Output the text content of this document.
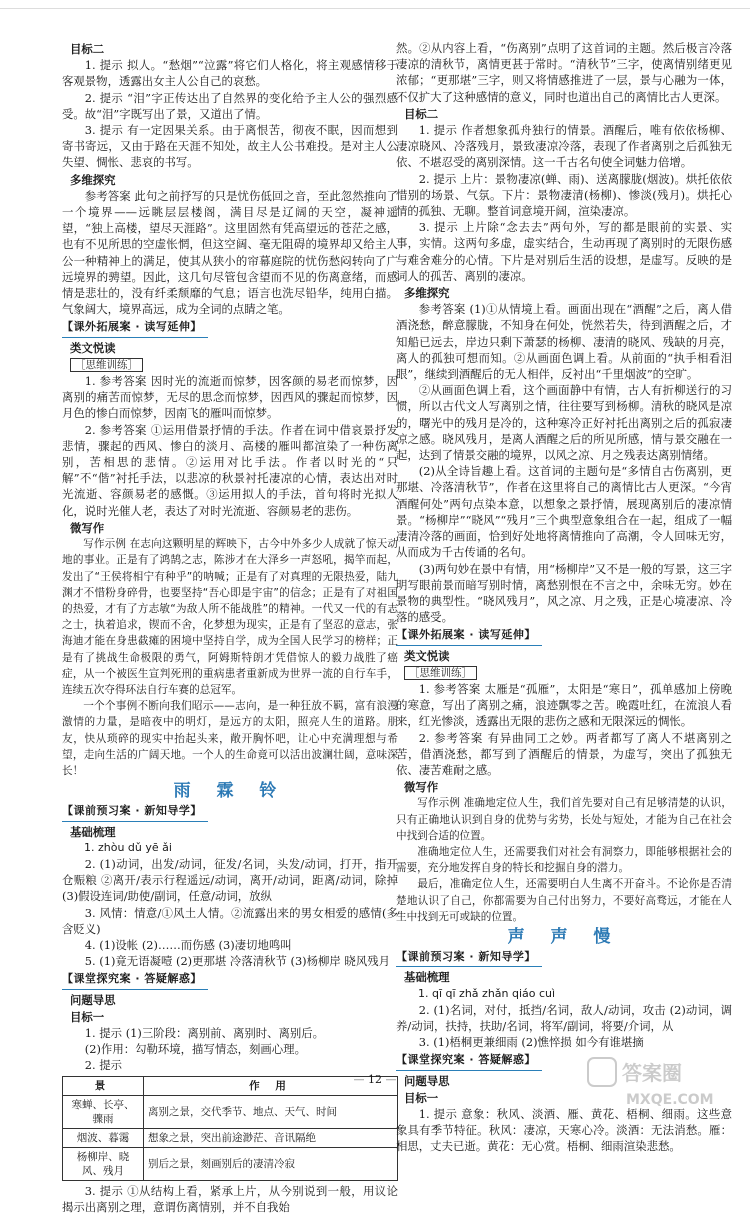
目标二

1. 提示 拟人。“愁烟”“泣露”将它们人格化，将主观感情移于客观景物，透露出女主人公自己的哀愁。

2. 提示 “泪”字正传达出了自然界的变化给予主人公的强烈感受。故“泪”字既写出了景，又道出了情。

3. 提示 有一定因果关系。由于离恨苦，彻夜不眠，因而想到寄书寄远，又由于路在天涯不知处，故主人公书难投。是对主人公失望、惆怅、悲哀的书写。

多维探究

参考答案 此句之前抒写的只是忧伤低回之音，至此忽然推向了一个境界——远眺层层楼阁，满目尽是辽阔的天空，凝神遥望，“独上高楼，望尽天涯路”。这里固然有凭高望远的苍茫之感，也有不见所思的空虚怅惘，但这空阔、毫无阻碍的境界却又给主人公一种精神上的满足，使其从狭小的帘幕庭院的忧伤愁闷转向了广远境界的骋望。因此，这几句尽管包含望而不见的伤离意绪，而感情是悲壮的，没有纤柔颓靡的气息；语言也洗尽铅华，纯用白描。气象阔大，境界高远，成为全词的点睛之笔。

【课外拓展案 · 读写延伸】

类文悦读

［思维训练］

1. 参考答案 因时光的流逝而惊梦，因客颜的易老而惊梦，因离别的痛苦而惊梦，无尽的思念而惊梦，因西风的骤起而惊梦，因月色的惨白而惊梦，因南飞的雁叫而惊梦。

2. 参考答案 ①运用借景抒情的手法。作者在词中借哀景抒发悲情，骤起的西风、惨白的淡月、高楼的雁叫都渲染了一种伤离别，苦相思的悲情。②运用对比手法。作者以时光的“只解”不“偕”衬托手法，以悲凉的秋景衬托凄凉的心情，表达出对时光流逝、容颜易老的感慨。③运用拟人的手法，首句将时光拟人化，说时光催人老，表达了对时光流逝、容颜易老的悲伤。

微写作

写作示例 在志向这颗明星的辉映下，古今中外多少人成就了惊天动地的事业。正是有了鸿鹄之志，陈涉才在大泽乡一声怒吼，揭竿而起，发出了“王侯将相宁有种乎”的呐喊；正是有了对真理的无限热爱，陆九渊才不惜粉身碎骨，也要坚持“吾心即是宇宙”的信念；正是有了对祖国的热爱，才有了方志敏“为敌人所不能战胜”的精神。一代又一代的有志之士，执着追求，锲而不舍，化梦想为现实，正是有了坚忍的意志，张海迪才能在身患截瘫的困境中坚持自学，成为全国人民学习的榜样；正是有了挑战生命极限的勇气，阿姆斯特朗才凭借惊人的毅力战胜了癌症，从一个被医生宣判死刑的重病患者重新成为世界一流的自行车手，连续五次夺得环法自行车赛的总冠军。

一个个事例不断向我们昭示——志向，是一种狂放不羁，富有浪漫激情的力量，是暗夜中的明灯，是远方的太阳，照亮人生的道路。朋友，快从琐碎的现实中抬起头来，敞开胸怀吧，让心中充满理想与希望，走向生活的广阔天地。一个人的生命竟可以活出波澜壮阔，意味深长！

雨 霖 铃
【课前预习案 · 新知导学】

基础梳理

1. zhòu dǔ yē ǎi

2. (1)动词，出发/动词，征发/名词，头发/动词，打开，指开仓赈粮 ②离开/表示行程遥远/动词，离开/动词，距离/动词，除掉 (3)假设连词/助使/副词，任意/动词，放纵

3. 风情：情意/①风土人情。②流露出来的男女相爱的感情(多含贬义)

4. (1)设帐 (2)……而伤感 (3)凄切地鸣叫

5. (1)竟无语凝噎 (2)更那堪 冷落清秋节 (3)杨柳岸 晓风残月

【课堂探究案 · 答疑解惑】

问题导思

目标一

1. 提示 (1)三阶段：离别前、离别时、离别后。

(2)作用：勾勒环境，描写情态，刻画心理。

2. 提示

景	作 用
寒蝉、长亭、骤雨	离别之景，交代季节、地点、天气、时间
烟波、暮霭	想象之景，突出前途渺茫、音讯隔绝
杨柳岸、晓风、残月	别后之景，刻画别后的凄清冷寂

3. 提示 ①从结构上看，紧承上片，从今别说到一般，用议论揭示出离别之理，意谓伤离情别，并不自我始

然。②从内容上看，“伤离别”点明了这首词的主题。然后极言冷落凄凉的清秋节，离情更甚于常时。“清秋节”三字，使离情别绪更见浓郁；“更那堪”三字，则又将情感推进了一层，景与心融为一体，不仅扩大了这种感情的意义，同时也道出自己的离情比古人更深。

目标二

1. 提示 作者想象孤舟独行的情景。酒醒后，唯有依依杨柳、凄凉晓风、冷落残月，景致凄凉冷落，表现了作者离别之后孤独无依、不堪忍受的离别深情。这一千古名句使全词魅力倍增。

2. 提示 上片：景物凄凉(蝉、雨)、送离朦胧(烟波)。烘托依依惜别的场景、气氛。下片：景物凄清(杨柳)、惨淡(残月)。烘托心情的孤独、无聊。整首词意境开阔，渲染凄凉。

3. 提示 上片除“念去去”两句外，写的都是眼前的实景、实事，实情。这两句多虚，虚实结合，生动再现了离别时的无限伤感与难舍难分的心情。下片是对别后生活的设想，是虚写。反映的是词人的孤苦、离别的凄凉。

多维探究

参考答案 (1)①从情境上看。画面出现在“酒醒”之后，离人借酒浇愁，醉意朦胧，不知身在何处，恍然若失，待到酒醒之后，才知船已远去，岸边只剩下萧瑟的杨柳、凄清的晓风、残缺的月亮，离人的孤独可想而知。②从画面色调上看。从前面的“执手相看泪眼”，继续到酒醒后的无人相伴，反衬出“千里烟波”的空旷。

②从画面色调上看，这个画面静中有情，古人有折柳送行的习惯，所以古代文人写离别之情，往往要写到杨柳。清秋的晓风是凉的，曙光中的残月是冷的，这种寒冷正好衬托出离别之后的孤寂凄凉之感。晓风残月，是离人酒醒之后的所见所感，情与景交融在一起，达到了情景交融的境界，以风之凉、月之残表达离别情绪。

(2)从全诗旨趣上看。这首词的主题句是“多情自古伤离别，更那堪、冷落清秋节”，作者在这里将自己的离情比古人更深。“今宵酒醒何处”两句点染本意，以想象之景抒情，展现离别后的凄凉情景。“杨柳岸”“晓风”“残月”三个典型意象组合在一起，组成了一幅凄清冷落的画面，恰到好处地将离情推向了高潮，令人回味无穷，从而成为千古传诵的名句。

(3)两句妙在景中有情，用“杨柳岸”又不是一般的写景，这三字明写眼前景而暗写别时情，离愁别恨在不言之中，余味无穷。妙在景物的典型性。“晓风残月”，风之凉、月之残，正是心境凄凉、冷落的感受。

【课外拓展案 · 读写延伸】

类文悦读

［思维训练］

1. 参考答案 太雁是“孤雁”，太阳是“寒日”，孤单感加上傍晚的寒意，写出了离别之痛，浪迹飘零之苦。晚霞吐红，在流浪人看来，红光惨淡，透露出无限的悲伤之感和无限深远的惆怅。

2. 参考答案 有异曲同工之妙。两者都写了离人不堪离别之苦，借酒浇愁，都写到了酒醒后的情景，为虚写，突出了孤独无依、凄苦难耐之感。

微写作

写作示例 准确地定位人生，我们首先要对自己有足够清楚的认识，只有正确地认识到自身的优势与劣势，长处与短处，才能为自己在社会中找到合适的位置。

准确地定位人生，还需要我们对社会有洞察力，即能够根据社会的需要，充分地发挥自身的特长和挖掘自身的潜力。

最后，准确定位人生，还需要明白人生离不开奋斗。不论你是否清楚地认识了自己，你都需要为自己付出努力，不要好高骛远，才能在人生中找到无可或缺的位置。

声 声 慢
【课前预习案 · 新知导学】

基础梳理

1. qī qī zhǎ zhǎn qiáo cuì

2. (1)名词，对付，抵挡/名词，敌人/动词，攻击 (2)动词，调养/动词，扶持，扶助/名词，将军/副词，将要/介词，从

3. (1)梧桐更兼细雨 (2)憔悴损 如今有谁堪摘

【课堂探究案 · 答疑解惑】

问题导思

目标一

1. 提示 意象：秋风、淡酒、雁、黄花、梧桐、细雨。这些意象具有季节特征。秋风：凄凉，天寒心冷。淡酒：无法消愁。雁：相思，丈夫已逝。黄花：无心赏。梧桐、细雨渲染悲愁。

— 12 —	答案圈
MXQE.COM
